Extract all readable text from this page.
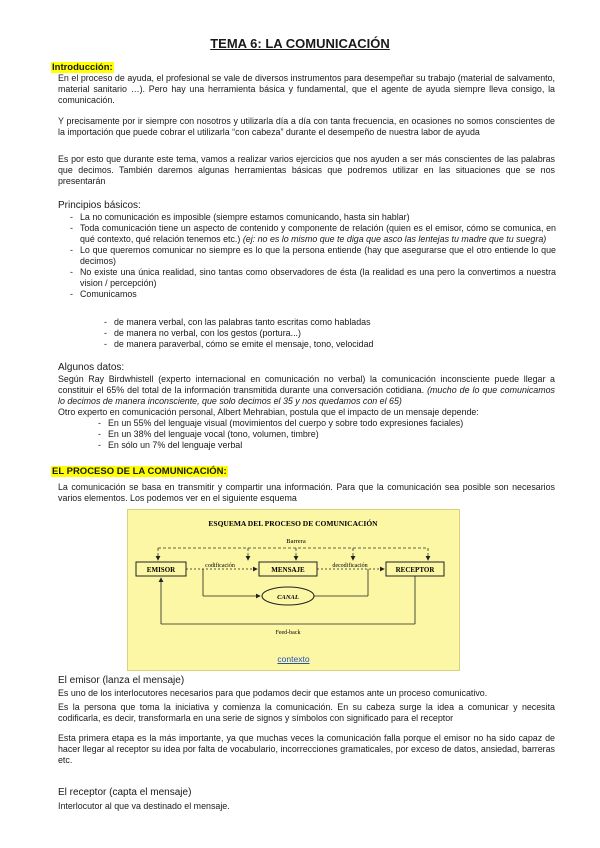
TEMA 6: LA COMUNICACIÓN
Introducción:
En el proceso de ayuda, el profesional se vale de diversos instrumentos para desempeñar su trabajo (material de salvamento, material sanitario …). Pero hay una herramienta básica y fundamental, que el agente de ayuda siempre lleva consigo, la comunicación.
Y precisamente por ir siempre con nosotros y utilizarla día a día con tanta frecuencia, en ocasiones no somos conscientes de la importación que puede cobrar el utilizarla “con cabeza” durante el desempeño de nuestra labor de ayuda
Es por esto que durante este tema, vamos a realizar varios ejercicios que nos ayuden a ser más conscientes de las palabras que decimos. También daremos algunas herramientas básicas que podremos utilizar en las situaciones que se nos presentarán
Principios básicos:
- La no comunicación es imposible (siempre estamos comunicando, hasta sin hablar)
- Toda comunicación tiene un aspecto de contenido y componente de relación (quien es el emisor, cómo se comunica, en qué contexto, qué relación tenemos etc.) (ej: no es lo mismo que te diga que asco las lentejas tu madre que tu suegra)
- Lo que queremos comunicar no siempre es lo que la persona entiende (hay que asegurarse que el otro entiende lo que decimos)
- No existe una única realidad, sino tantas como observadores de ésta (la realidad es una pero la convertimos a nuestra vision / percepción)
- Comunicamos
- de manera verbal, con las palabras tanto escritas como habladas
- de manera no verbal, con los gestos (portura...)
- de manera paraverbal, cómo se emite el mensaje, tono, velocidad
Algunos datos:
Según Ray Birdwhistell (experto internacional en comunicación no verbal) la comunicación inconsciente puede llegar a constituir el 65% del total de la información transmitida durante una conversación cotidiana. (mucho de lo que comunicamos lo decimos de manera inconsciente, que solo decimos el 35 y nos quedamos con el 65)
Otro experto en comunicación personal, Albert Mehrabian, postula que el impacto de un mensaje depende:
- En un 55% del lenguaje visual (movimientos del cuerpo y sobre todo expresiones faciales)
- En un 38% del lenguaje vocal (tono, volumen, timbre)
- En sólo un 7% del lenguaje verbal
EL PROCESO DE LA COMUNICACIÓN:
La comunicación se basa en transmitir y compartir una información. Para que la comunicación sea posible son necesarios varios elementos. Los podemos ver en el siguiente esquema
ESQUEMA DEL PROCESO DE COMUNICACIÓN
Barrera
EMISOR	MENSAJE	RECEPTOR
codificación	decodificación
CANAL
Feed-back
contexto
El emisor (lanza el mensaje)
Es uno de los interlocutores necesarios para que podamos decir que estamos ante un proceso comunicativo.
Es la persona que toma la iniciativa y comienza la comunicación. En su cabeza surge la idea a comunicar y necesita codificarla, es decir, transformarla en una serie de signos y símbolos con significado para el receptor
Esta primera etapa es la más importante, ya que muchas veces la comunicación falla porque el emisor no ha sido capaz de hacer llegar al receptor su idea por falta de vocabulario, incorrecciones gramaticales, por exceso de datos, ansiedad, barreras etc.
El receptor (capta el mensaje)
Interlocutor al que va destinado el mensaje.
